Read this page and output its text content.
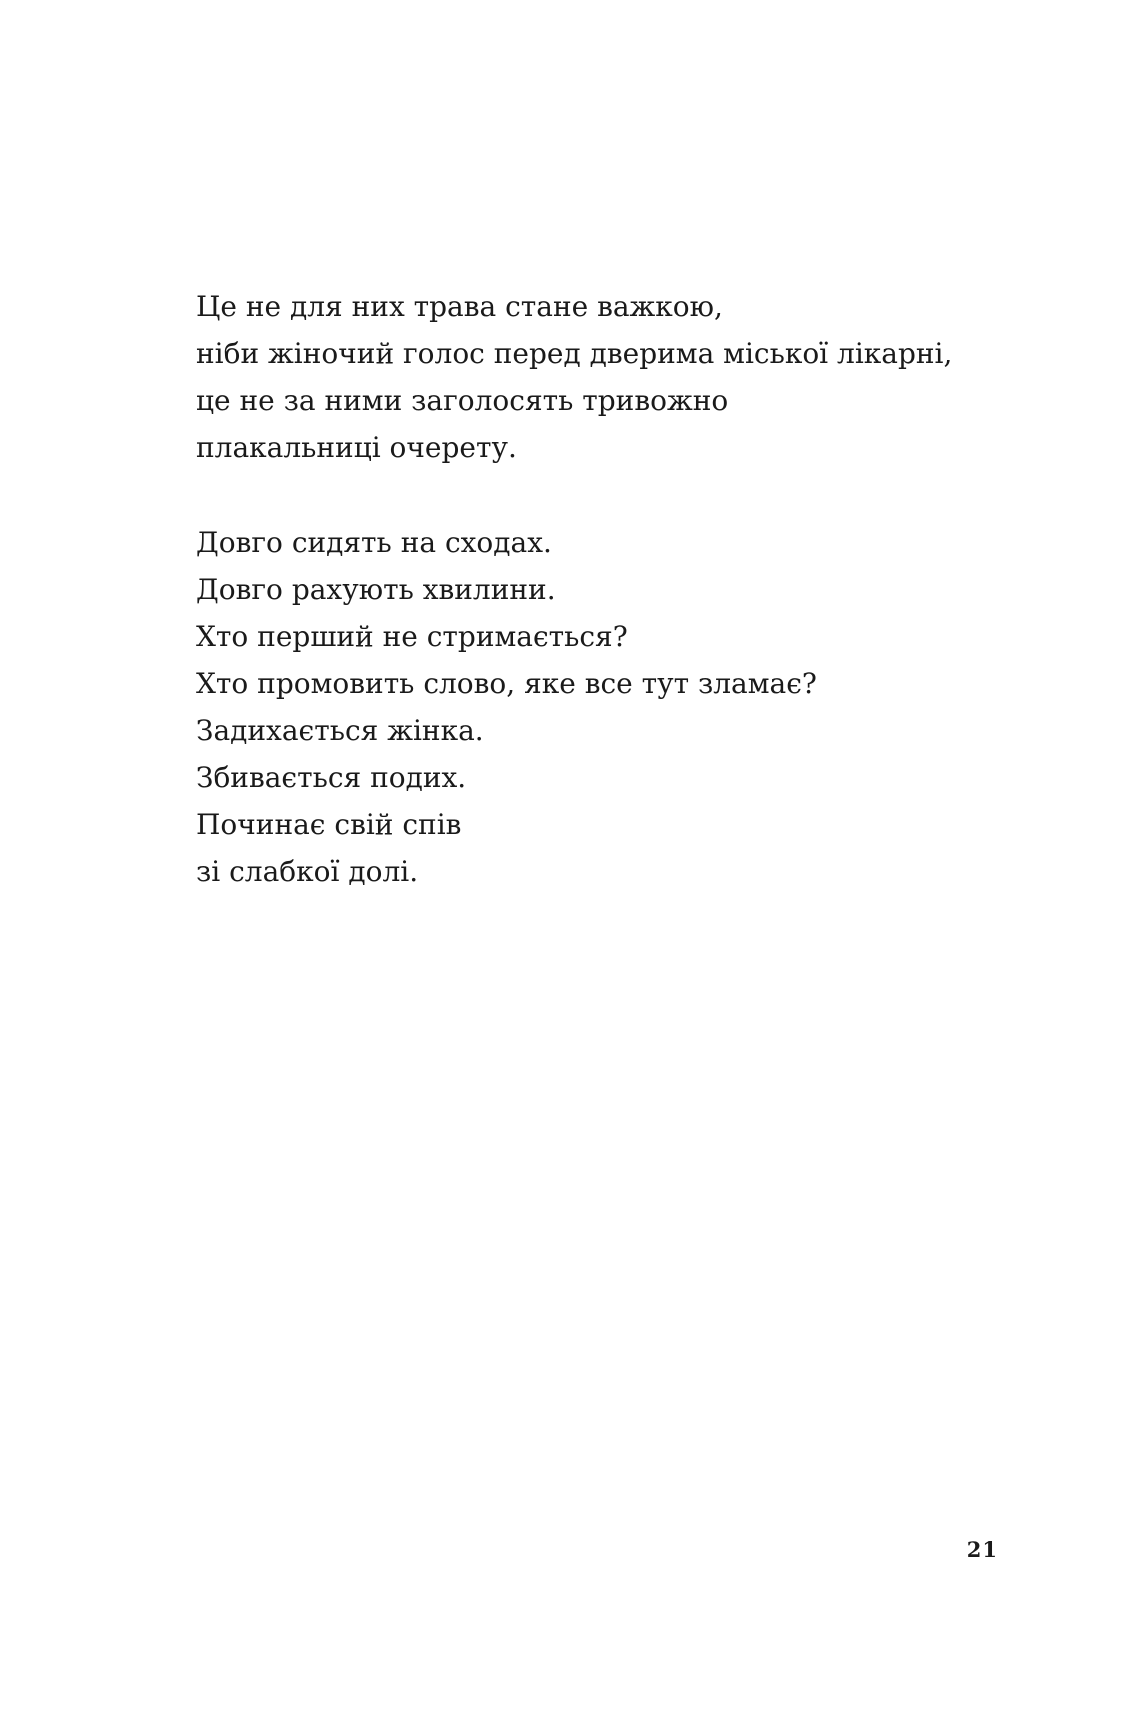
Це не для них трава стане важкою,
ніби жіночий голос перед дверима міської лікарні,
це не за ними заголосять тривожно
плакальниці очерету.
Довго сидять на сходах.
Довго рахують хвилини.
Хто перший не стримається?
Хто промовить слово, яке все тут зламає?
Задихається жінка.
Збивається подих.
Починає свій спів
зі слабкої долі.
21
